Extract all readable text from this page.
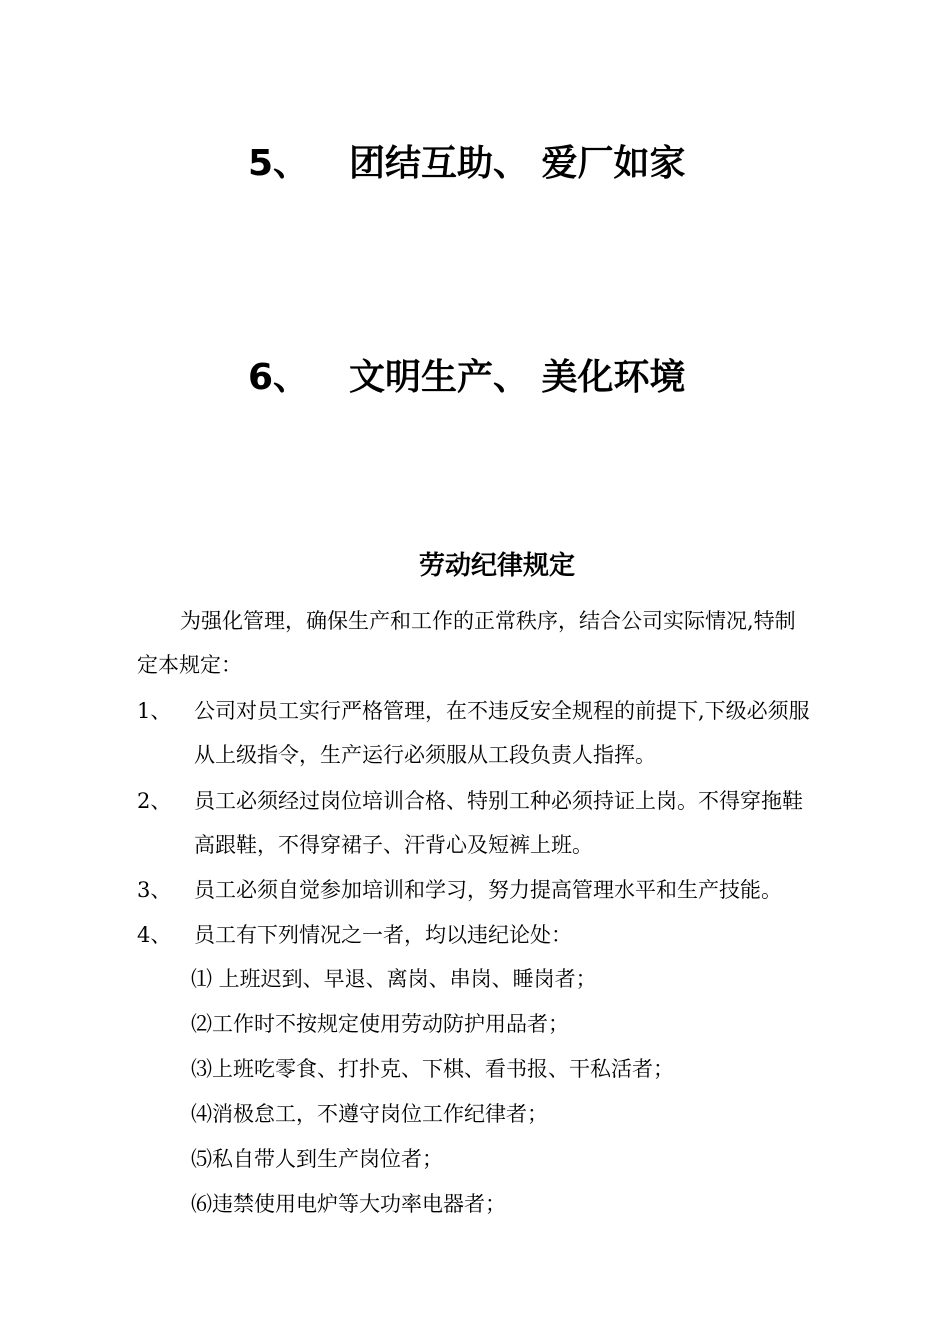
5、 团结互助、 爱厂如家
6、 文明生产、 美化环境
劳动纪律规定
为强化管理，确保生产和工作的正常秩序，结合公司实际情况,特制
定本规定：
1、 公司对员工实行严格管理，在不违反安全规程的前提下,下级必须服
从上级指令，生产运行必须服从工段负责人指挥。
2、 员工必须经过岗位培训合格、特别工种必须持证上岗。不得穿拖鞋
高跟鞋，不得穿裙子、汗背心及短裤上班。
3、 员工必须自觉参加培训和学习，努力提高管理水平和生产技能。
4、 员工有下列情况之一者，均以违纪论处：
⑴ 上班迟到、早退、离岗、串岗、睡岗者；
⑵工作时不按规定使用劳动防护用品者；
⑶上班吃零食、打扑克、下棋、看书报、干私活者；
⑷消极怠工，不遵守岗位工作纪律者；
⑸私自带人到生产岗位者；
⑹违禁使用电炉等大功率电器者；
